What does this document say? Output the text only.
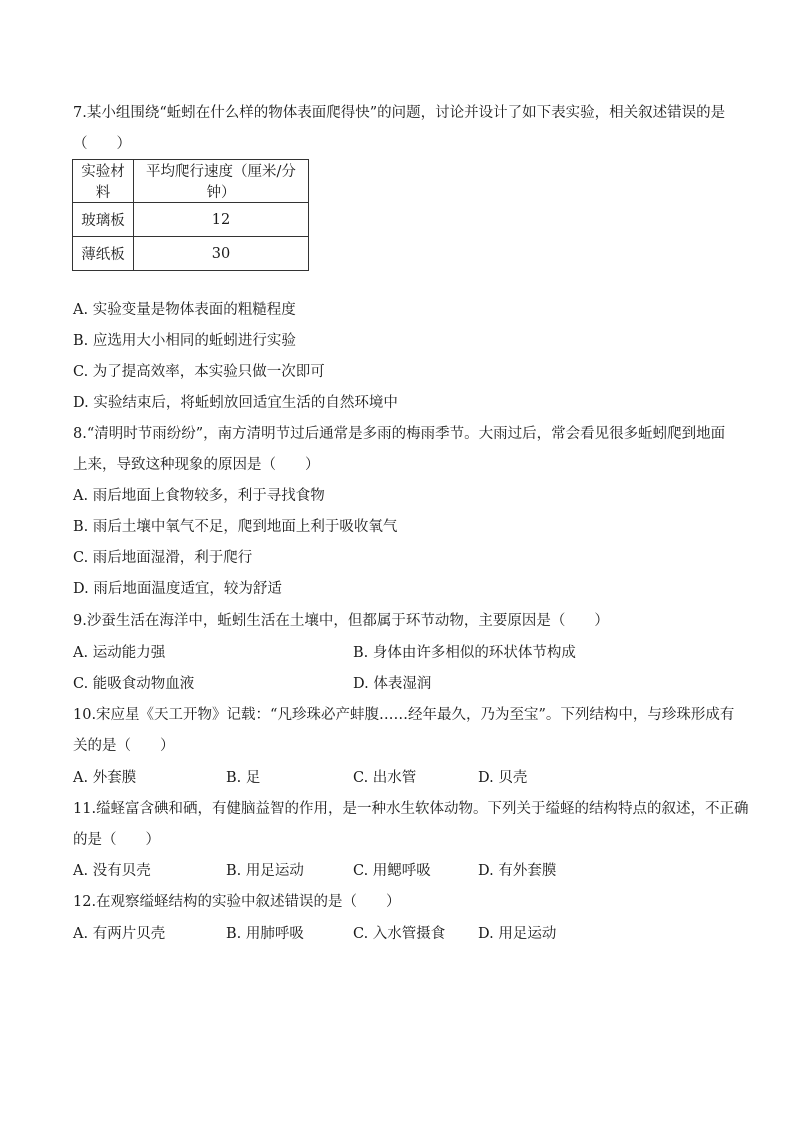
7.某小组围绕“蚯蚓在什么样的物体表面爬得快”的问题，讨论并设计了如下表实验，相关叙述错误的是
（　　）
实验材料	平均爬行速度（厘米/分钟）
玻璃板	12
薄纸板	30
A. 实验变量是物体表面的粗糙程度
B. 应选用大小相同的蚯蚓进行实验
C. 为了提高效率，本实验只做一次即可
D. 实验结束后，将蚯蚓放回适宜生活的自然环境中
8.“清明时节雨纷纷”，南方清明节过后通常是多雨的梅雨季节。大雨过后，常会看见很多蚯蚓爬到地面
上来，导致这种现象的原因是（　　）
A. 雨后地面上食物较多，利于寻找食物
B. 雨后土壤中氧气不足，爬到地面上利于吸收氧气
C. 雨后地面湿滑，利于爬行
D. 雨后地面温度适宜，较为舒适
9.沙蚕生活在海洋中，蚯蚓生活在土壤中，但都属于环节动物，主要原因是（　　）
A. 运动能力强	B. 身体由许多相似的环状体节构成
C. 能吸食动物血液	D. 体表湿润
10.宋应星《天工开物》记载：“凡珍珠必产蚌腹……经年最久，乃为至宝”。下列结构中，与珍珠形成有
关的是（　　）
A. 外套膜	B. 足	C. 出水管	D. 贝壳
11.缢蛏富含碘和硒，有健脑益智的作用，是一种水生软体动物。下列关于缢蛏的结构特点的叙述，不正确
的是（　　）
A. 没有贝壳	B. 用足运动	C. 用鳃呼吸	D. 有外套膜
12.在观察缢蛏结构的实验中叙述错误的是（　　）
A. 有两片贝壳	B. 用肺呼吸	C. 入水管摄食 D. 用足运动
